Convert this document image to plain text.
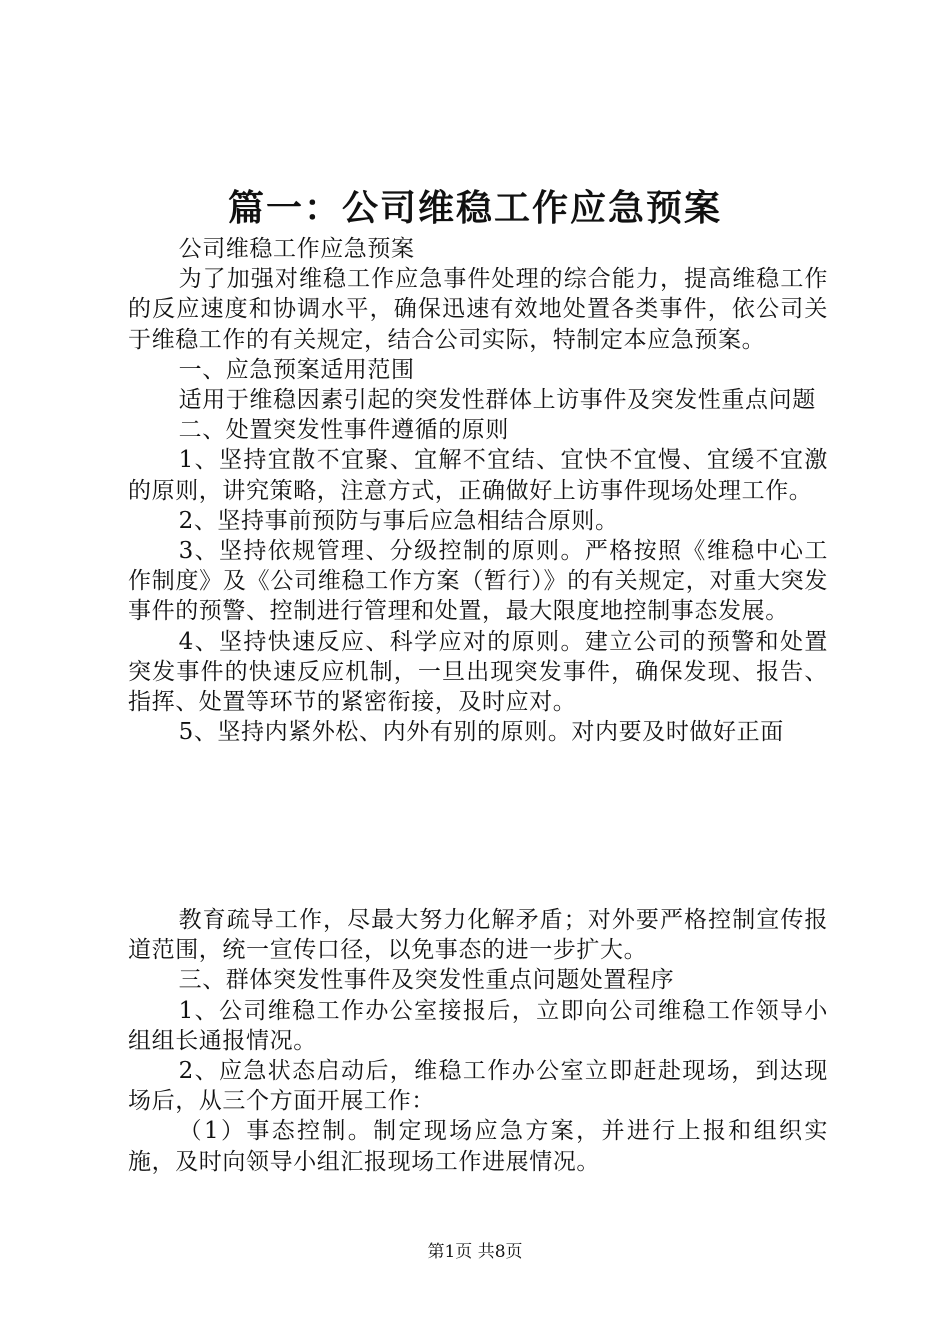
篇一：公司维稳工作应急预案

公司维稳工作应急预案

为了加强对维稳工作应急事件处理的综合能力，提高维稳工作的反应速度和协调水平，确保迅速有效地处置各类事件，依公司关于维稳工作的有关规定，结合公司实际，特制定本应急预案。

一、应急预案适用范围

适用于维稳因素引起的突发性群体上访事件及突发性重点问题

二、处置突发性事件遵循的原则

1、坚持宜散不宜聚、宜解不宜结、宜快不宜慢、宜缓不宜激的原则，讲究策略，注意方式，正确做好上访事件现场处理工作。

2、坚持事前预防与事后应急相结合原则。

3、坚持依规管理、分级控制的原则。严格按照《维稳中心工作制度》及《公司维稳工作方案（暂行）》的有关规定，对重大突发事件的预警、控制进行管理和处置，最大限度地控制事态发展。

4、坚持快速反应、科学应对的原则。建立公司的预警和处置突发事件的快速反应机制，一旦出现突发事件，确保发现、报告、指挥、处置等环节的紧密衔接，及时应对。

5、坚持内紧外松、内外有别的原则。对内要及时做好正面

教育疏导工作，尽最大努力化解矛盾；对外要严格控制宣传报道范围，统一宣传口径，以免事态的进一步扩大。

三、群体突发性事件及突发性重点问题处置程序

1、公司维稳工作办公室接报后，立即向公司维稳工作领导小组组长通报情况。

2、应急状态启动后，维稳工作办公室立即赶赴现场，到达现场后，从三个方面开展工作：

（1）事态控制。制定现场应急方案，并进行上报和组织实施，及时向领导小组汇报现场工作进展情况。

第1页 共8页
